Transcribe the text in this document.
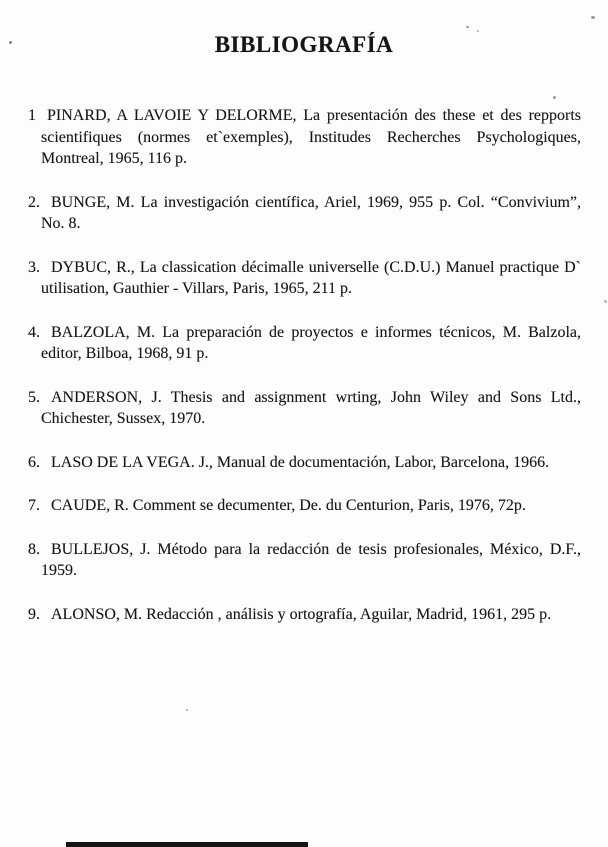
BIBLIOGRAFÍA
1 PINARD, A LAVOIE Y DELORME, La presentación des these et des repports scientifiques (normes et`exemples), Institudes Recherches Psychologiques, Montreal, 1965, 116 p.
2. BUNGE, M. La investigación científica, Ariel, 1969, 955 p. Col. “Convivium”, No. 8.
3. DYBUC, R., La classication décimalle universelle (C.D.U.) Manuel practique D` utilisation, Gauthier - Villars, Paris, 1965, 211 p.
4. BALZOLA, M. La preparación de proyectos e informes técnicos, M. Balzola, editor, Bilboa, 1968, 91 p.
5. ANDERSON, J. Thesis and assignment wrting, John Wiley and Sons Ltd., Chichester, Sussex, 1970.
6. LASO DE LA VEGA. J., Manual de documentación, Labor, Barcelona, 1966.
7. CAUDE, R. Comment se decumenter, De. du Centurion, Paris, 1976, 72p.
8. BULLEJOS, J. Método para la redacción de tesis profesionales, México, D.F., 1959.
9. ALONSO, M. Redacción , análisis y ortografía, Aguilar, Madrid, 1961, 295 p.
